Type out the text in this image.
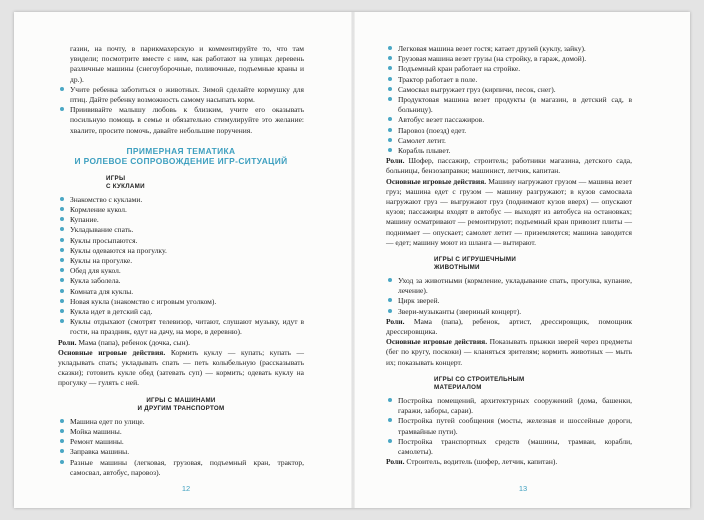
газин, на почту, в парикмахерскую и комментируйте то, что там увидели; посмотрите вместе с ним, как работают на улицах деревень различные машины (снегоуборочные, поливочные, подъемные краны и др.).

Учите ребенка заботиться о животных. Зимой сделайте кормушку для птиц. Дайте ребенку возможность самому насыпать корм.
Приививайте малышу любовь к близким, учите его оказывать посильную помощь в семье и обязательно стимулируйте это желание: хвалите, просите помочь, давайте небольшие поручения.
ПРИМЕРНАЯ ТЕМАТИКА
И РОЛЕВОЕ СОПРОВОЖДЕНИЕ ИГР-СИТУАЦИЙ
ИГРЫ
С КУКЛАМИ
Знакомство с куклами.
Кормление кукол.
Купание.
Укладывание спать.
Куклы просыпаются.
Куклы одеваются на прогулку.
Куклы на прогулке.
Обед для кукол.
Кукла заболела.
Комната для куклы.
Новая кукла (знакомство с игровым уголком).
Кукла идет в детский сад.
Куклы отдыхают (смотрят телевизор, читают, слушают музыку, идут в гости, на праздник, едут на дачу, на море, в деревню).

Роли. Мама (папа), ребенок (дочка, сын).

Основные игровые действия. Кормить куклу — купать; купать — укладывать спать; укладывать спать — петь колыбельную (рассказывать сказки); готовить кукле обед (затевать суп) — кормить; одевать куклу на прогулку — гулять с ней.

ИГРЫ С МАШИНАМИ
И ДРУГИМ ТРАНСПОРТОМ
Машина едет по улице.
Мойка машины.
Ремонт машины.
Заправка машины.
Разные машины (легковая, грузовая, подъемный кран, трактор, самосвал, автобус, паровоз).
12
Легковая машина везет гостя; катает друзей (куклу, зайку).
Грузовая машина везет грузы (на стройку, в гараж, домой).
Подъемный кран работает на стройке.
Трактор работает в поле.
Самосвал выгружает груз (кирпичи, песок, снег).
Продуктовая машина везет продукты (в магазин, в детский сад, в больницу).
Автобус везет пассажиров.
Паровоз (поезд) едет.
Самолет летит.
Корабль плывет.

Роли. Шофер, пассажир, строитель; работники магазина, детского сада, больницы, бензозаправки; машинист, летчик, капитан.

Основные игровые действия. Машину нагружают грузом — машина везет груз; машина едет с грузом — машину разгружают; в кузов самосвала нагружают груз — выгружают груз (поднимают кузов вверх) — опускают кузов; пассажиры входят в автобус — выходят из автобуса на остановках; машину осматривают — ремонтируют; подъемный кран привозит плиты — поднимает — опускает; самолет летит — приземляется; машина заводится — едет; машину моют из шланга — вытирают.

ИГРЫ С ИГРУШЕЧНЫМИ
ЖИВОТНЫМИ
Уход за животными (кормление, укладывание спать, прогулка, купание, лечение).
Цирк зверей.
Звери-музыканты (звериный концерт).

Роли. Мама (папа), ребенок, артист, дрессировщик, помощник дрессировщика.

Основные игровые действия. Показывать прыжки зверей через предметы (бег по кругу, поскоки) — кланяться зрителям; кормить животных — мыть их; показывать концерт.

ИГРЫ СО СТРОИТЕЛЬНЫМ
МАТЕРИАЛОМ
Постройка помещений, архитектурных сооружений (дома, башенки, гаражи, заборы, сараи).
Постройка путей сообщения (мосты, железная и шоссейные дороги, трамвайные пути).
Постройка транспортных средств (машины, трамваи, корабли, самолеты).

Роли. Строитель, водитель (шофер, летчик, капитан).

13
